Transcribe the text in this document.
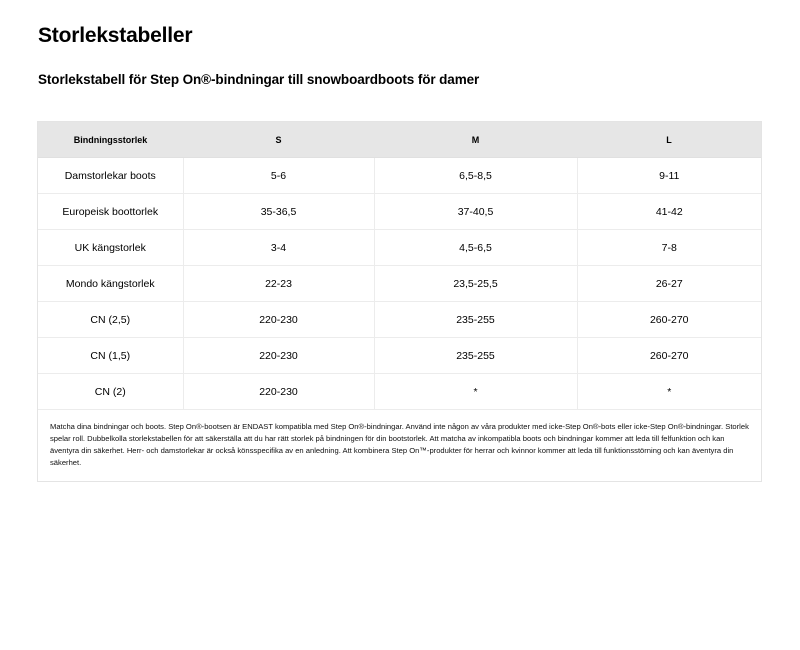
Storlekstabeller
Storlekstabell för Step On®-bindningar till snowboardboots för damer
Bindningsstorlek	S	M	L
Damstorlekar boots	5-6	6,5-8,5	9-11
Europeisk boottorlek	35-36,5	37-40,5	41-42
UK kängstorlek	3-4	4,5-6,5	7-8
Mondo kängstorlek	22-23	23,5-25,5	26-27
CN (2,5)	220-230	235-255	260-270
CN (1,5)	220-230	235-255	260-270
CN (2)	220-230	*	*
Matcha dina bindningar och boots. Step On®-bootsen är ENDAST kompatibla med Step On®-bindningar. Använd inte någon av våra produkter med icke-Step On®-bots eller icke-Step On®-bindningar. Storlek spelar roll. Dubbelkolla storlekstabellen för att säkerställa att du har rätt storlek på bindningen för din bootstorlek. Att matcha av inkompatibla boots och bindningar kommer att leda till felfunktion och kan äventyra din säkerhet. Herr- och damstorlekar är också könsspecifika av en anledning. Att kombinera Step On™-produkter för herrar och kvinnor kommer att leda till funktionsstörning och kan äventyra din säkerhet.
